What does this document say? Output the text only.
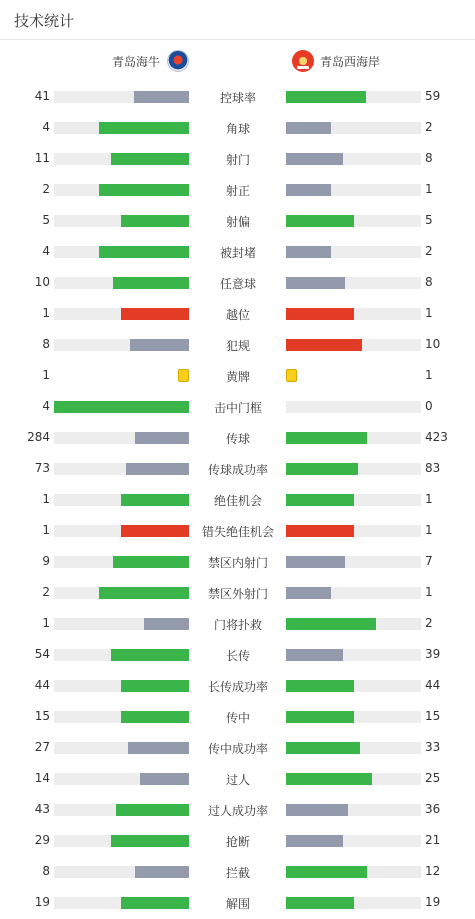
技术统计
青岛海牛	青岛西海岸
41	控球率	59
4	角球	2
11	射门	8
2	射正	1
5	射偏	5
4	被封堵	2
10	任意球	8
1	越位	1
8	犯规	10
1	黄牌	1
4	击中门框	0
284	传球	423
73	传球成功率	83
1	绝佳机会	1
1	错失绝佳机会	1
9	禁区内射门	7
2	禁区外射门	1
1	门将扑救	2
54	长传	39
44	长传成功率	44
15	传中	15
27	传中成功率	33
14	过人	25
43	过人成功率	36
29	抢断	21
8	拦截	12
19	解围	19
